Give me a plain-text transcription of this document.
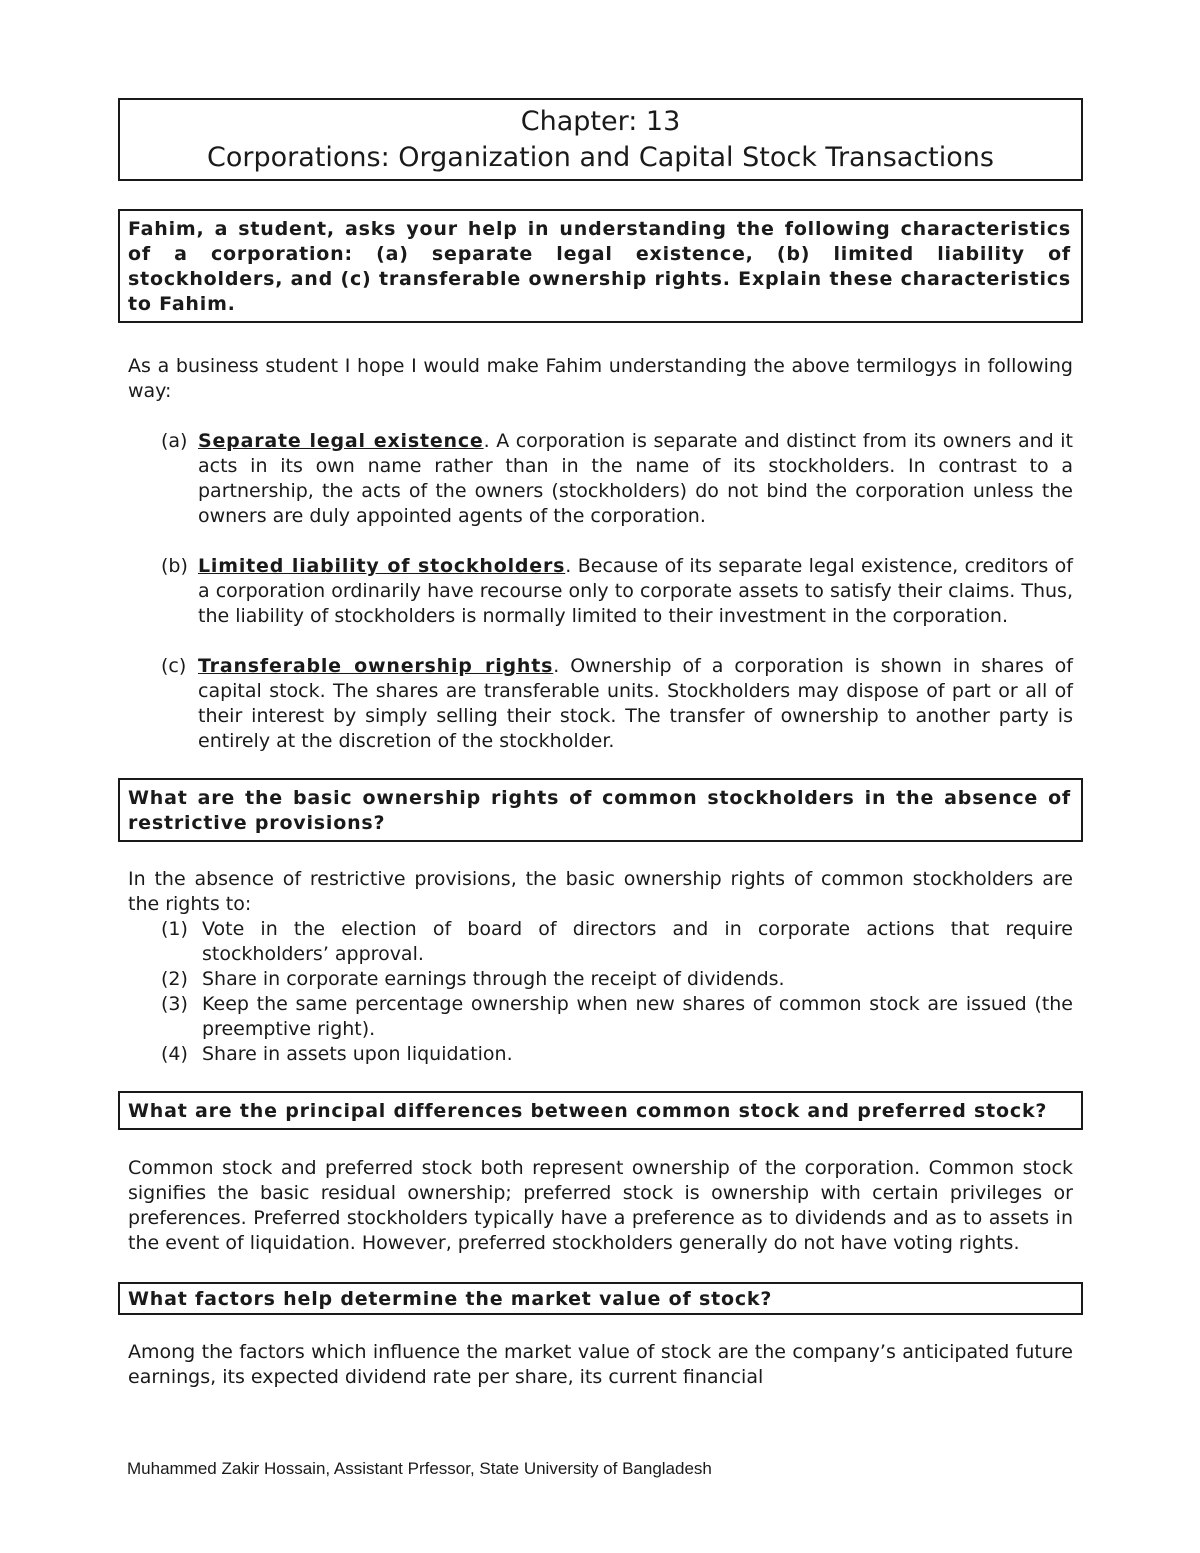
Chapter: 13
Corporations: Organization and Capital Stock Transactions
Fahim, a student, asks your help in understanding the following characteristics of a corporation: (a) separate legal existence, (b) limited liability of stockholders, and (c) transferable ownership rights. Explain these characteristics to Fahim.

As a business student I hope I would make Fahim understanding the above termilogys in following way:

(a) Separate legal existence. A corporation is separate and distinct from its owners and it acts in its own name rather than in the name of its stockholders. In contrast to a partnership, the acts of the owners (stockholders) do not bind the corporation unless the owners are duly appointed agents of the corporation.
(b) Limited liability of stockholders. Because of its separate legal existence, creditors of a corporation ordinarily have recourse only to corporate assets to satisfy their claims. Thus, the liability of stockholders is normally limited to their investment in the corporation.
(c) Transferable ownership rights. Ownership of a corporation is shown in shares of capital stock. The shares are transferable units. Stockholders may dispose of part or all of their interest by simply selling their stock. The transfer of ownership to another party is entirely at the discretion of the stockholder.
What are the basic ownership rights of common stockholders in the absence of restrictive provisions?

In the absence of restrictive provisions, the basic ownership rights of common stockholders are the rights to:

(1) Vote in the election of board of directors and in corporate actions that require stockholders’ approval.
(2) Share in corporate earnings through the receipt of dividends.
(3) Keep the same percentage ownership when new shares of common stock are issued (the preemptive right).
(4) Share in assets upon liquidation.
What are the principal differences between common stock and preferred stock?

Common stock and preferred stock both represent ownership of the corporation. Common stock signifies the basic residual ownership; preferred stock is ownership with certain privileges or preferences. Preferred stockholders typically have a preference as to dividends and as to assets in the event of liquidation. However, preferred stockholders generally do not have voting rights.

What factors help determine the market value of stock?

Among the factors which influence the market value of stock are the company’s anticipated future earnings, its expected dividend rate per share, its current financial

Muhammed Zakir Hossain, Assistant Prfessor, State University of Bangladesh
